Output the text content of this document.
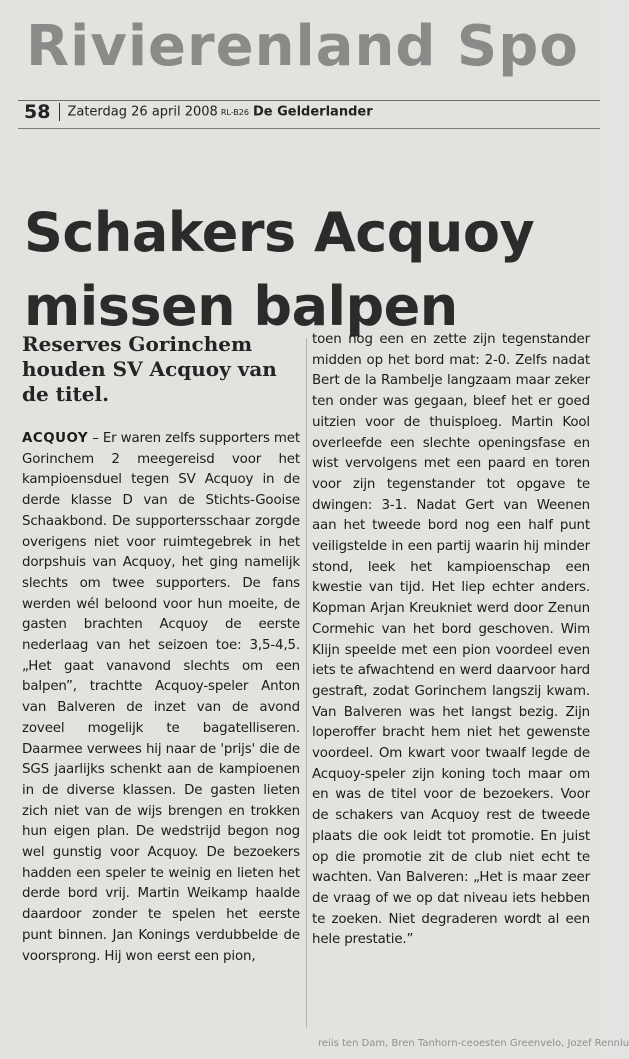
Rivierenland Spo
58 Zaterdag 26 april 2008 RL-B26 De Gelderlander
Schakers Acquoy missen balpen
Reserves Gorinchem houden SV Acquoy van de titel.

ACQUOY – Er waren zelfs supporters met Gorinchem 2 meegereisd voor het kampioensduel tegen SV Acquoy in de derde klasse D van de Stichts-Gooise Schaakbond. De supportersschaar zorgde overigens niet voor ruimtegebrek in het dorpshuis van Acquoy, het ging namelijk slechts om twee supporters. De fans werden wél beloond voor hun moeite, de gasten brachten Acquoy de eerste nederlaag van het seizoen toe: 3,5-4,5. „Het gaat vanavond slechts om een balpen”, trachtte Acquoy-speler Anton van Balveren de inzet van de avond zoveel mogelijk te bagatelliseren. Daarmee verwees hij naar de 'prijs' die de SGS jaarlijks schenkt aan de kampioenen in de diverse klassen. De gasten lieten zich niet van de wijs brengen en trokken hun eigen plan. De wedstrijd begon nog wel gunstig voor Acquoy. De bezoekers hadden een speler te weinig en lieten het derde bord vrij. Martin Weikamp haalde daardoor zonder te spelen het eerste punt binnen. Jan Konings verdubbelde de voorsprong. Hij won eerst een pion,

toen nog een en zette zijn tegenstander midden op het bord mat: 2-0. Zelfs nadat Bert de la Rambelje langzaam maar zeker ten onder was gegaan, bleef het er goed uitzien voor de thuisploeg. Martin Kool overleefde een slechte openingsfase en wist vervolgens met een paard en toren voor zijn tegenstander tot opgave te dwingen: 3-1. Nadat Gert van Weenen aan het tweede bord nog een half punt veiligstelde in een partij waarin hij minder stond, leek het kampioenschap een kwestie van tijd. Het liep echter anders. Kopman Arjan Kreukniet werd door Zenun Cormehic van het bord geschoven. Wim Klijn speelde met een pion voordeel even iets te afwachtend en werd daarvoor hard gestraft, zodat Gorinchem langszij kwam. Van Balveren was het langst bezig. Zijn loperoffer bracht hem niet het gewenste voordeel. Om kwart voor twaalf legde de Acquoy-speler zijn koning toch maar om en was de titel voor de bezoekers. Voor de schakers van Acquoy rest de tweede plaats die ook leidt tot promotie. En juist op die promotie zit de club niet echt te wachten. Van Balveren: „Het is maar zeer de vraag of we op dat niveau iets hebben te zoeken. Niet degraderen wordt al een hele prestatie.”

reiis ten Dam, Bren Tanhorn-ceoesten Greenvelo, Jozef Rennlu
